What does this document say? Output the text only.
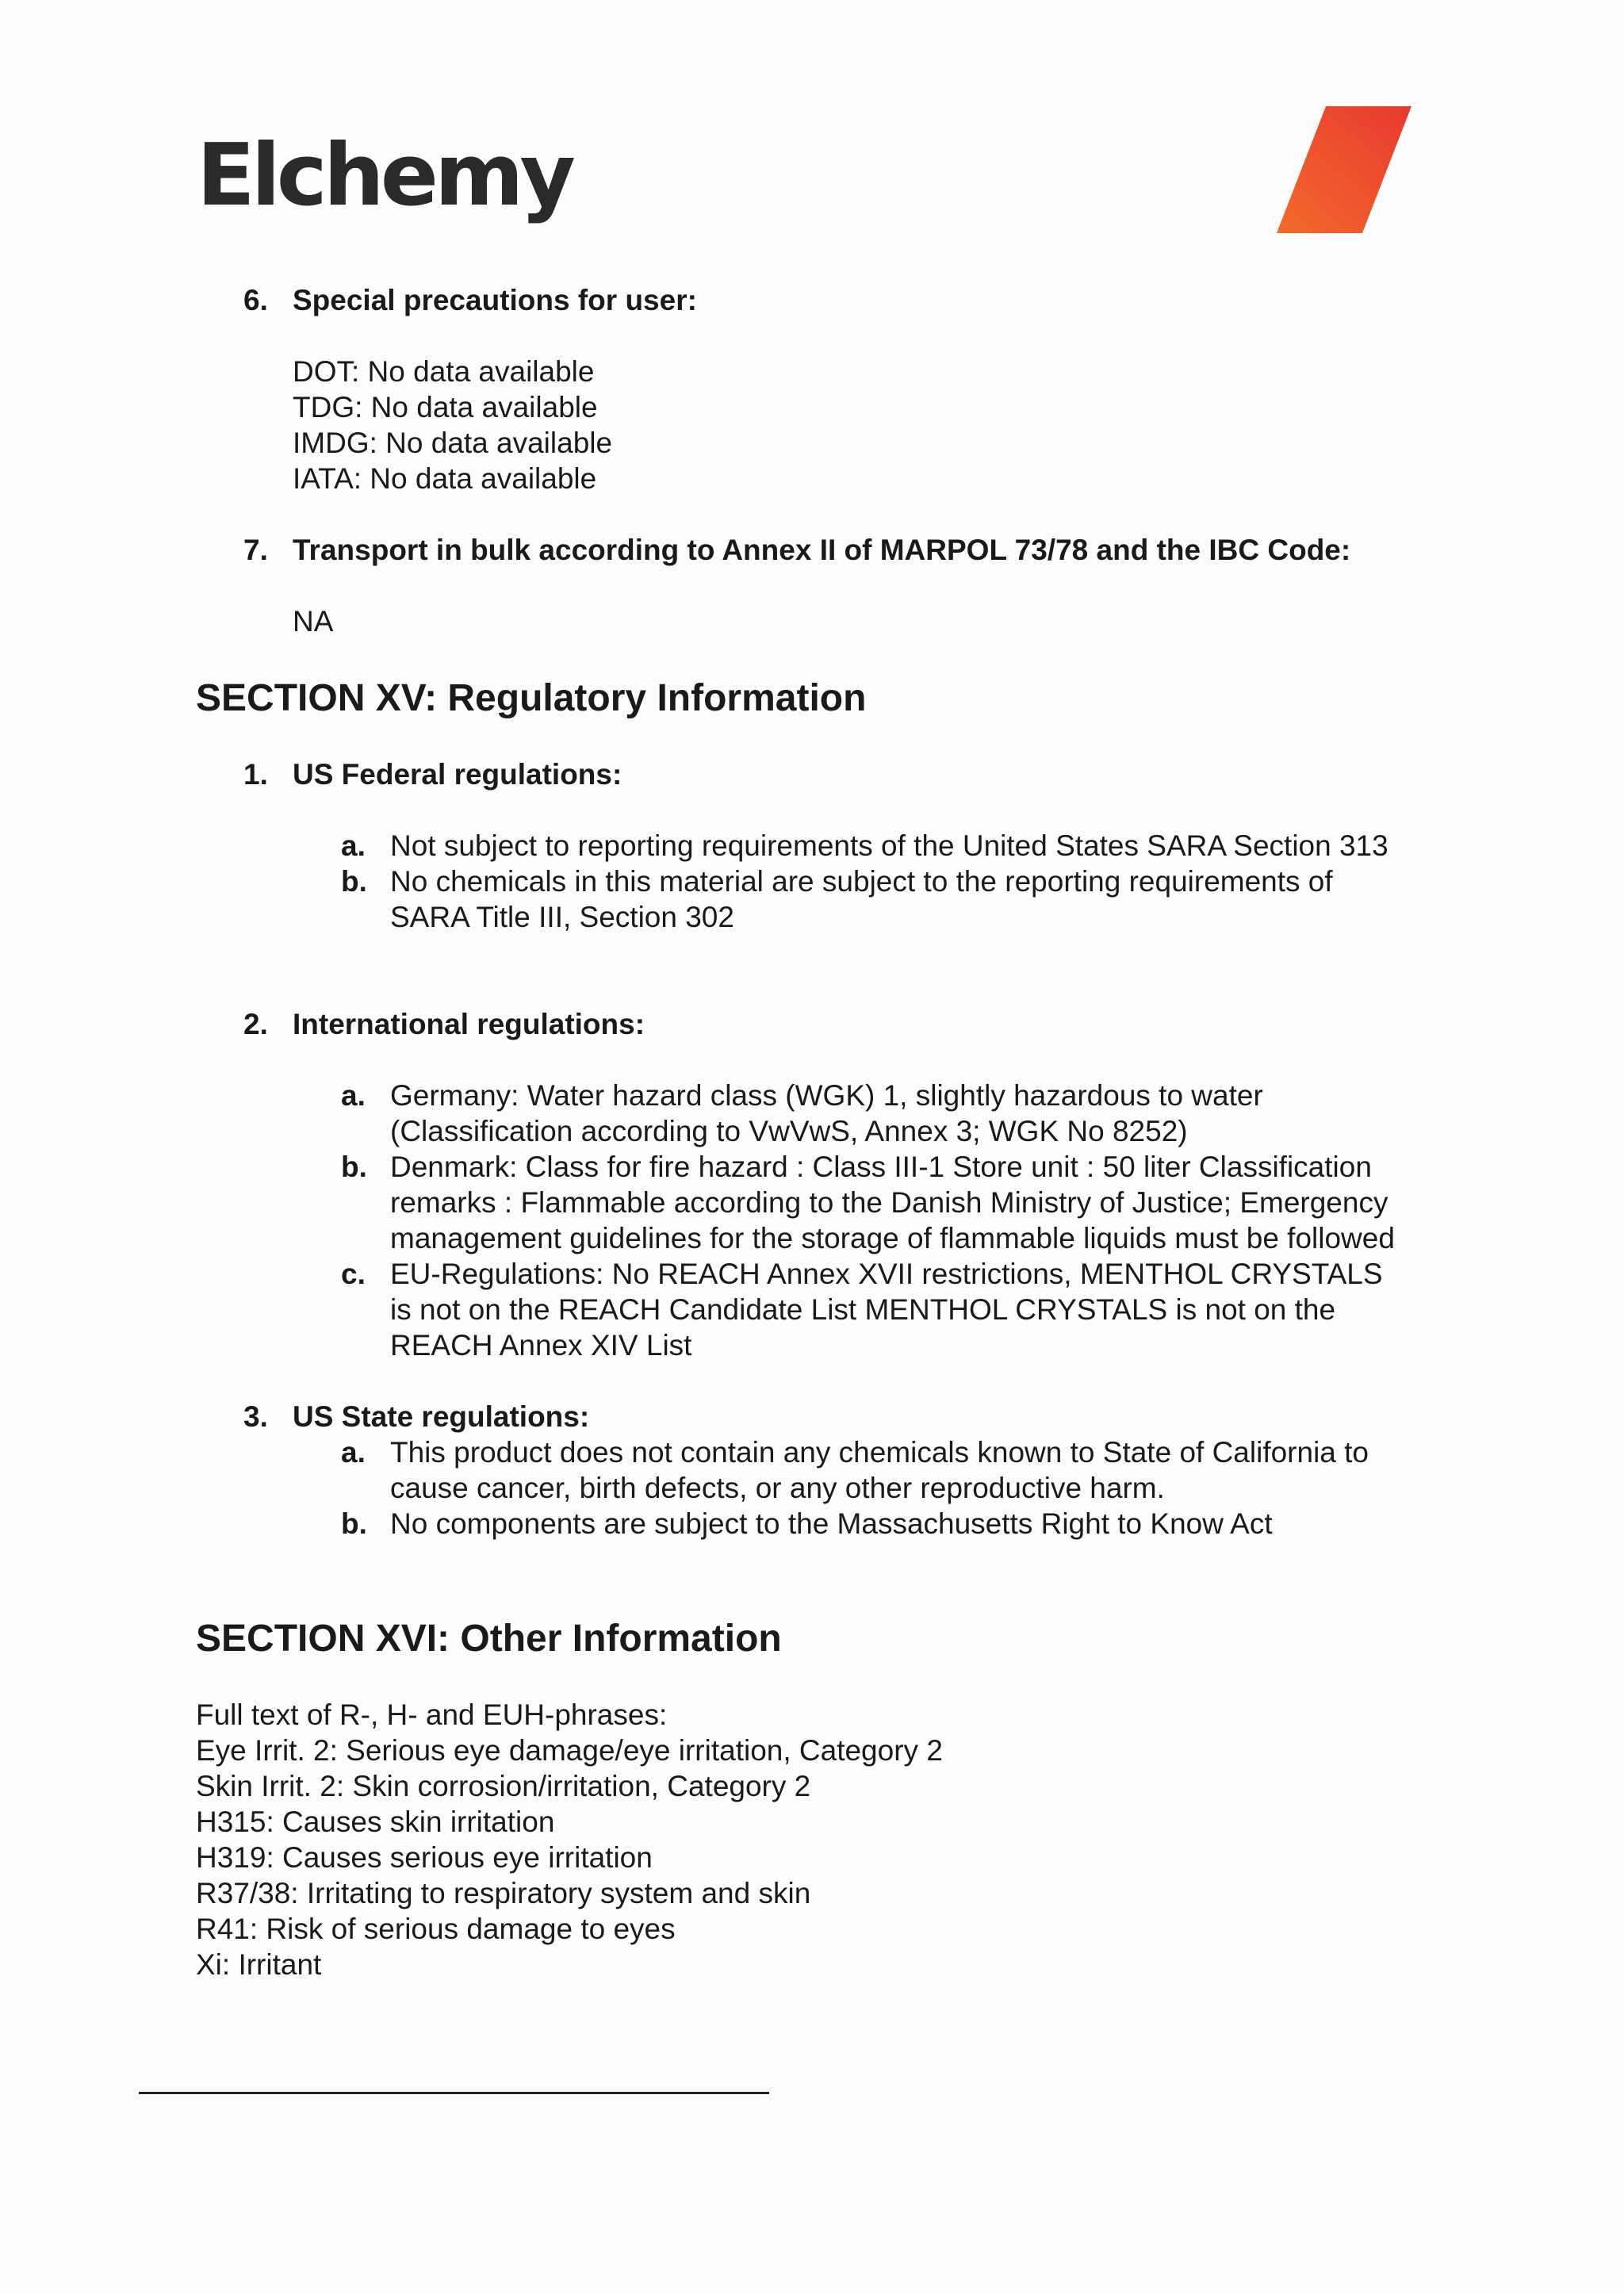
Elchemy
6. Special precautions for user:
DOT: No data available
TDG: No data available
IMDG: No data available
IATA: No data available
7. Transport in bulk according to Annex II of MARPOL 73/78 and the IBC Code:
NA
SECTION XV: Regulatory Information
1. US Federal regulations:
a. Not subject to reporting requirements of the United States SARA Section 313
b. No chemicals in this material are subject to the reporting requirements of
SARA Title III, Section 302
2. International regulations:
a. Germany: Water hazard class (WGK) 1, slightly hazardous to water
(Classification according to VwVwS, Annex 3; WGK No 8252)
b. Denmark: Class for fire hazard : Class III-1 Store unit : 50 liter Classification
remarks : Flammable according to the Danish Ministry of Justice; Emergency
management guidelines for the storage of flammable liquids must be followed
c. EU-Regulations: No REACH Annex XVII restrictions, MENTHOL CRYSTALS
is not on the REACH Candidate List MENTHOL CRYSTALS is not on the
REACH Annex XIV List
3. US State regulations:
a. This product does not contain any chemicals known to State of California to
cause cancer, birth defects, or any other reproductive harm.
b. No components are subject to the Massachusetts Right to Know Act
SECTION XVI: Other Information
Full text of R-, H- and EUH-phrases:
Eye Irrit. 2: Serious eye damage/eye irritation, Category 2
Skin Irrit. 2: Skin corrosion/irritation, Category 2
H315: Causes skin irritation
H319: Causes serious eye irritation
R37/38: Irritating to respiratory system and skin
R41: Risk of serious damage to eyes
Xi: Irritant
